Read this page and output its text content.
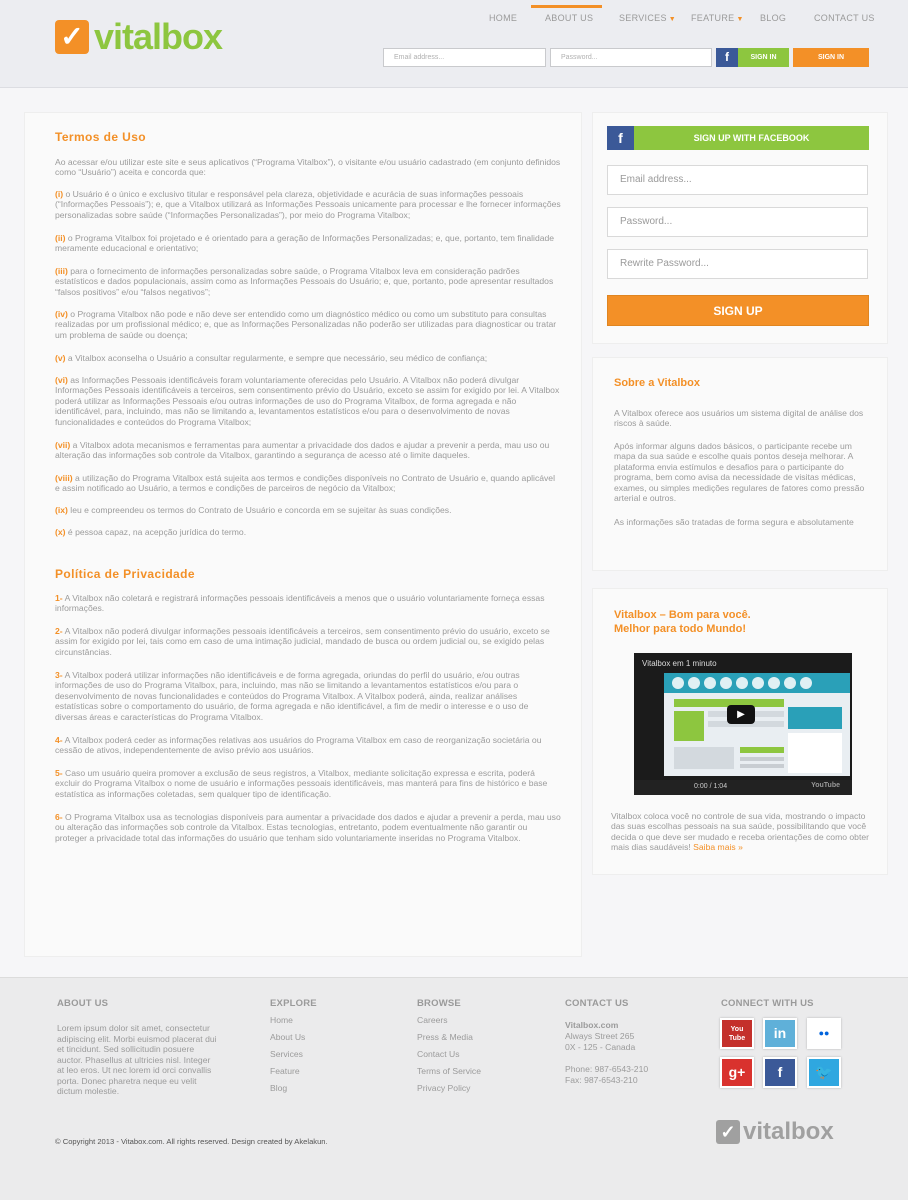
✓ vitalbox	HOME	ABOUT US	SERVICES ▼ FEATURE ▼ BLOG	CONTACT US
Email address...	Password...	f	SIGN IN	SIGN IN
Termos de Uso
Ao acessar e/ou utilizar este site e seus aplicativos (“Programa Vitalbox”), o visitante e/ou usuário cadastrado (em conjunto definidos como “Usuário”) aceita e concorda que:
(i) o Usuário é o único e exclusivo titular e responsável pela clareza, objetividade e acurácia de suas informações pessoais (“Informações Pessoais”); e, que a Vitalbox utilizará as Informações Pessoais unicamente para processar e lhe fornecer informações personalizadas sobre saúde (“Informações Personalizadas”), por meio do Programa Vitalbox;
(ii) o Programa Vitalbox foi projetado e é orientado para a geração de Informações Personalizadas; e, que, portanto, tem finalidade meramente educacional e orientativo;
(iii) para o fornecimento de informações personalizadas sobre saúde, o Programa Vitalbox leva em consideração padrões estatísticos e dados populacionais, assim como as Informações Pessoais do Usuário; e, que, portanto, pode apresentar resultados “falsos positivos” e/ou “falsos negativos”;
(iv) o Programa Vitalbox não pode e não deve ser entendido como um diagnóstico médico ou como um substituto para consultas realizadas por um profissional médico; e, que as Informações Personalizadas não poderão ser utilizadas para diagnosticar ou tratar um problema de saúde ou doença;
(v) a Vitalbox aconselha o Usuário a consultar regularmente, e sempre que necessário, seu médico de confiança;
(vi) as Informações Pessoais identificáveis foram voluntariamente oferecidas pelo Usuário. A Vitalbox não poderá divulgar Informações Pessoais identificáveis a terceiros, sem consentimento prévio do Usuário, exceto se assim for exigido por lei. A Vitalbox poderá utilizar as Informações Pessoais e/ou outras informações de uso do Programa Vitalbox, de forma agregada e não identificável, para, incluindo, mas não se limitando a, levantamentos estatísticos e/ou para o desenvolvimento de novas funcionalidades e conteúdos do Programa Vitalbox;
(vii) a Vitalbox adota mecanismos e ferramentas para aumentar a privacidade dos dados e ajudar a prevenir a perda, mau uso ou alteração das informações sob controle da Vitalbox, garantindo a segurança de acesso até o limite daqueles.
(viii) a utilização do Programa Vitalbox está sujeita aos termos e condições disponíveis no Contrato de Usuário e, quando aplicável e assim notificado ao Usuário, a termos e condições de parceiros de negócio da Vitalbox;
(ix) leu e compreendeu os termos do Contrato de Usuário e concorda em se sujeitar às suas condições.
(x) é pessoa capaz, na acepção jurídica do termo.
Política de Privacidade
1- A Vitalbox não coletará e registrará informações pessoais identificáveis a menos que o usuário voluntariamente forneça essas informações.
2- A Vitalbox não poderá divulgar informações pessoais identificáveis a terceiros, sem consentimento prévio do usuário, exceto se assim for exigido por lei, tais como em caso de uma intimação judicial, mandado de busca ou ordem judicial ou, se exigido pelas circunstâncias.
3- A Vitalbox poderá utilizar informações não identificáveis e de forma agregada, oriundas do perfil do usuário, e/ou outras informações de uso do Programa Vitalbox, para, incluindo, mas não se limitando a levantamentos estatísticos e/ou para o desenvolvimento de novas funcionalidades e conteúdos do Programa Vitalbox. A Vitalbox poderá, ainda, realizar análises estatísticas sobre o comportamento do usuário, de forma agregada e não identificável, a fim de medir o interesse e o uso de diversas áreas e características do Programa Vitalbox.
4- A Vitalbox poderá ceder as informações relativas aos usuários do Programa Vitalbox em caso de reorganização societária ou cessão de ativos, independentemente de aviso prévio aos usuários.
5- Caso um usuário queira promover a exclusão de seus registros, a Vitalbox, mediante solicitação expressa e escrita, poderá excluir do Programa Vitalbox o nome de usuário e informações pessoais identificáveis, mas manterá para fins de histórico e base estatística as informações coletadas, sem qualquer tipo de identificação.
6- O Programa Vitalbox usa as tecnologias disponíveis para aumentar a privacidade dos dados e ajudar a prevenir a perda, mau uso ou alteração das informações sob controle da Vitalbox. Estas tecnologias, entretanto, podem eventualmente não garantir ou proteger a privacidade total das informações do usuário que tenham sido voluntariamente inseridas no Programa Vitalbox.
f	SIGN UP WITH FACEBOOK
Email address...
Password...
Rewrite Password...
SIGN UP
Sobre a Vitalbox
A Vitalbox oferece aos usuários um sistema digital de análise dos riscos à saúde.
Após informar alguns dados básicos, o participante recebe um mapa da sua saúde e escolhe quais pontos deseja melhorar. A plataforma envia estímulos e desafios para o participante do programa, bem como avisa da necessidade de visitas médicas, exames, ou simples medições regulares de fatores como pressão arterial e outros.
As informações são tratadas de forma segura e absolutamente
Vitalbox – Bom para você.
Melhor para todo Mundo!
Vitalbox em 1 minuto
▶
0:00 / 1:04	YouTube
Vitalbox coloca você no controle de sua vida, mostrando o impacto das suas escolhas pessoais na sua saúde, possibilitando que você decida o que deve ser mudado e receba orientações de como obter mais dias saudáveis! Saiba mais »
ABOUT US
Lorem ipsum dolor sit amet, consectetur adipiscing elit. Morbi euismod placerat dui et tincidunt. Sed sollicitudin posuere auctor. Phasellus at ultricies nisl. Integer at leo eros. Ut nec lorem id orci convallis porta. Donec pharetra neque eu velit dictum molestie.
EXPLORE
Home
About Us
Services
Feature
Blog
BROWSE
Careers
Press & Media
Contact Us
Terms of Service
Privacy Policy
CONTACT US
Vitalbox.com
Always Street 265
0X - 125 - Canada
Phone: 987-6543-210
Fax: 987-6543-210
CONNECT WITH US
You Tube	in	●●
g+	f	🐦
© Copyright 2013 - Vitabox.com. All rights reserved. Design created by Akelakun.	✓ vitalbox
